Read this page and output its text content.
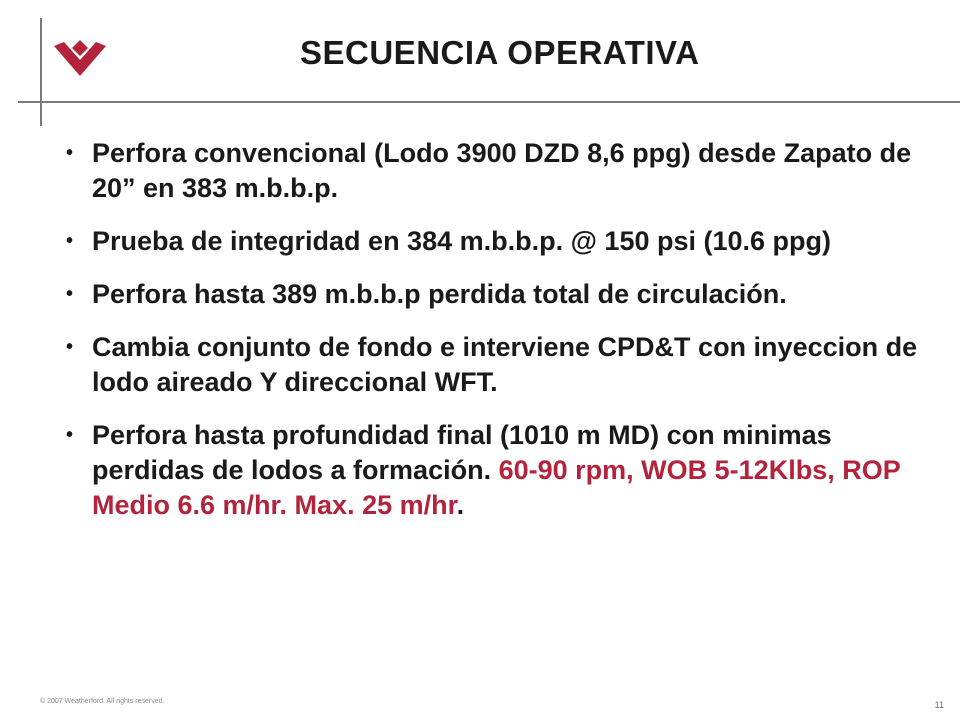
SECUENCIA OPERATIVA
• Perfora convencional (Lodo 3900 DZD 8,6 ppg) desde Zapato de 20” en 383 m.b.b.p.
• Prueba de integridad en 384 m.b.b.p. @ 150 psi (10.6 ppg)
• Perfora hasta 389 m.b.b.p perdida total de circulación.
• Cambia conjunto de fondo e interviene CPD&T con inyeccion de lodo aireado Y direccional WFT.
• Perfora hasta profundidad final (1010 m MD) con minimas perdidas de lodos a formación. 60-90 rpm, WOB 5-12Klbs, ROP Medio 6.6 m/hr. Max. 25 m/hr.
© 2007 Weatherford. All rights reserved.	11
